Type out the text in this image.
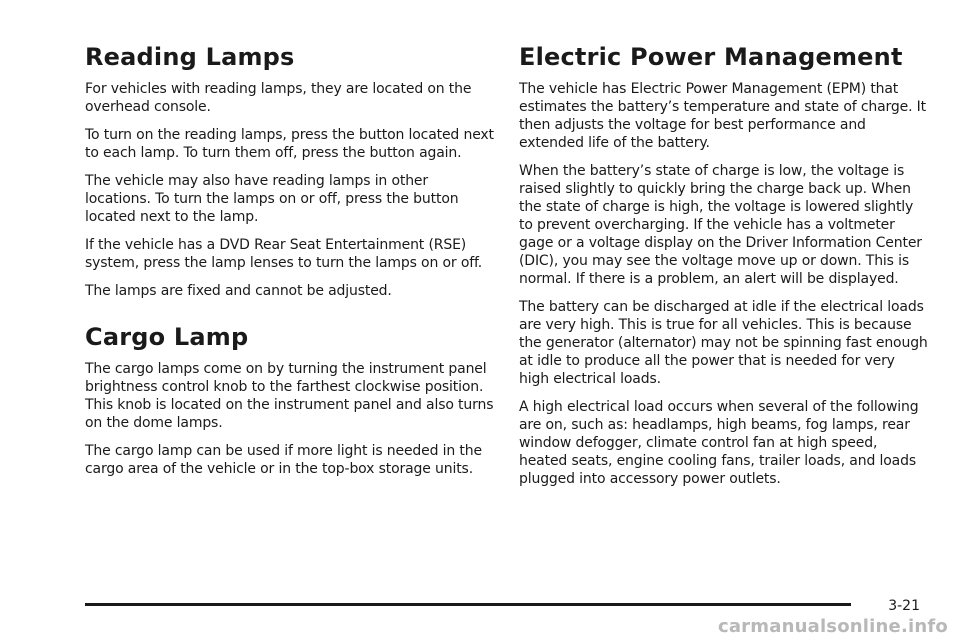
Reading Lamps

For vehicles with reading lamps, they are located on the overhead console.

To turn on the reading lamps, press the button located next to each lamp. To turn them off, press the button again.

The vehicle may also have reading lamps in other locations. To turn the lamps on or off, press the button located next to the lamp.

If the vehicle has a DVD Rear Seat Entertainment (RSE) system, press the lamp lenses to turn the lamps on or off.

The lamps are fixed and cannot be adjusted.

Cargo Lamp

The cargo lamps come on by turning the instrument panel brightness control knob to the farthest clockwise position. This knob is located on the instrument panel and also turns on the dome lamps.

The cargo lamp can be used if more light is needed in the cargo area of the vehicle or in the top-box storage units.

Electric Power Management

The vehicle has Electric Power Management (EPM) that estimates the battery’s temperature and state of charge. It then adjusts the voltage for best performance and extended life of the battery.

When the battery’s state of charge is low, the voltage is raised slightly to quickly bring the charge back up. When the state of charge is high, the voltage is lowered slightly to prevent overcharging. If the vehicle has a voltmeter gage or a voltage display on the Driver Information Center (DIC), you may see the voltage move up or down. This is normal. If there is a problem, an alert will be displayed.

The battery can be discharged at idle if the electrical loads are very high. This is true for all vehicles. This is because the generator (alternator) may not be spinning fast enough at idle to produce all the power that is needed for very high electrical loads.

A high electrical load occurs when several of the following are on, such as: headlamps, high beams, fog lamps, rear window defogger, climate control fan at high speed, heated seats, engine cooling fans, trailer loads, and loads plugged into accessory power outlets.

3-21
carmanualsonline.info
